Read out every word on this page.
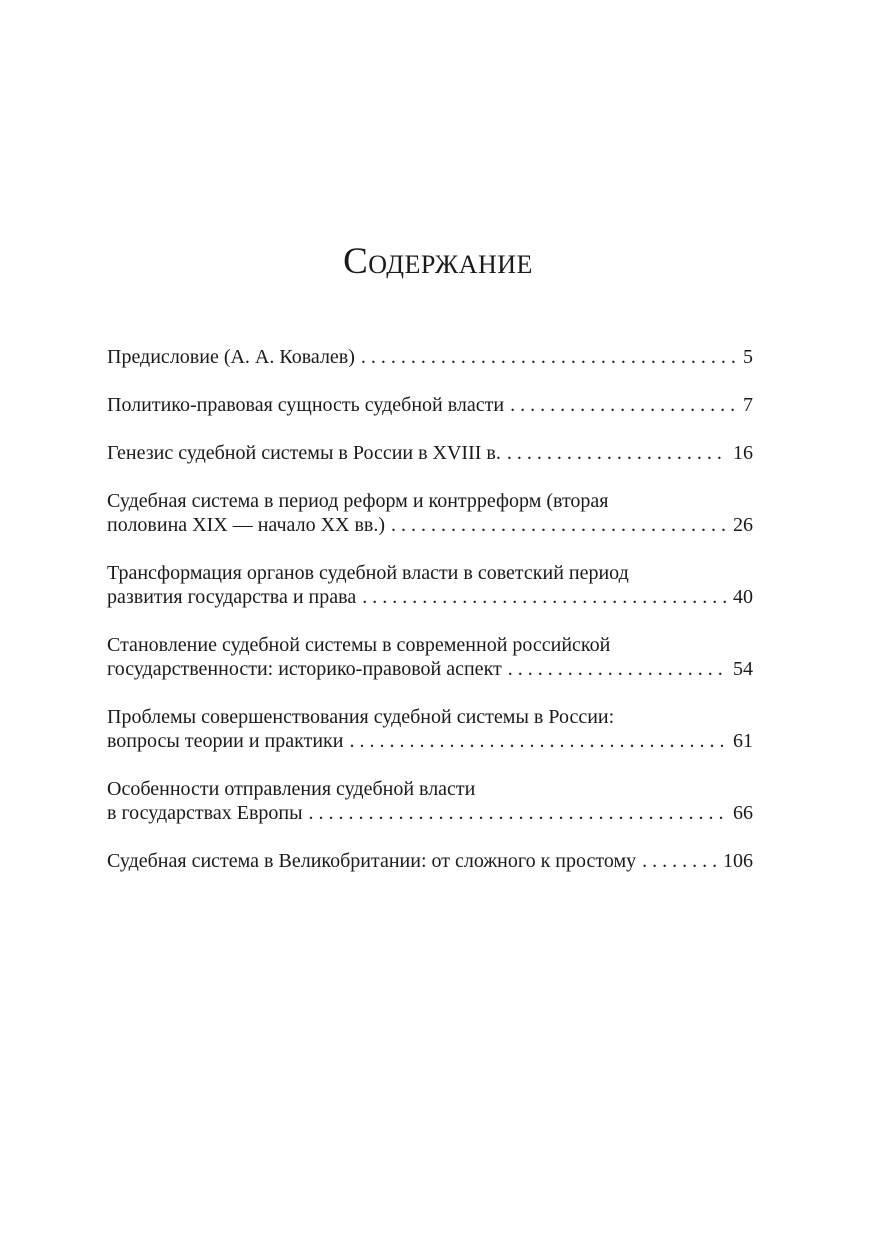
Содержание
Предисловие (А. А. Ковалев) . . .	5
Политико-правовая сущность судебной власти . . .	7
Генезис судебной системы в России в XVIII в. . . .	16
Судебная система в период реформ и контрреформ (вторая
половина XIX — начало XX вв.) . . .	26
Трансформация органов судебной власти в советский период
развития государства и права . . .	40
Становление судебной системы в современной российской
государственности: историко-правовой аспект . . .	54
Проблемы совершенствования судебной системы в России:
вопросы теории и практики . . .	61
Особенности отправления судебной власти
в государствах Европы . . .	66
Судебная система в Великобритании: от сложного к простому . . .	106
